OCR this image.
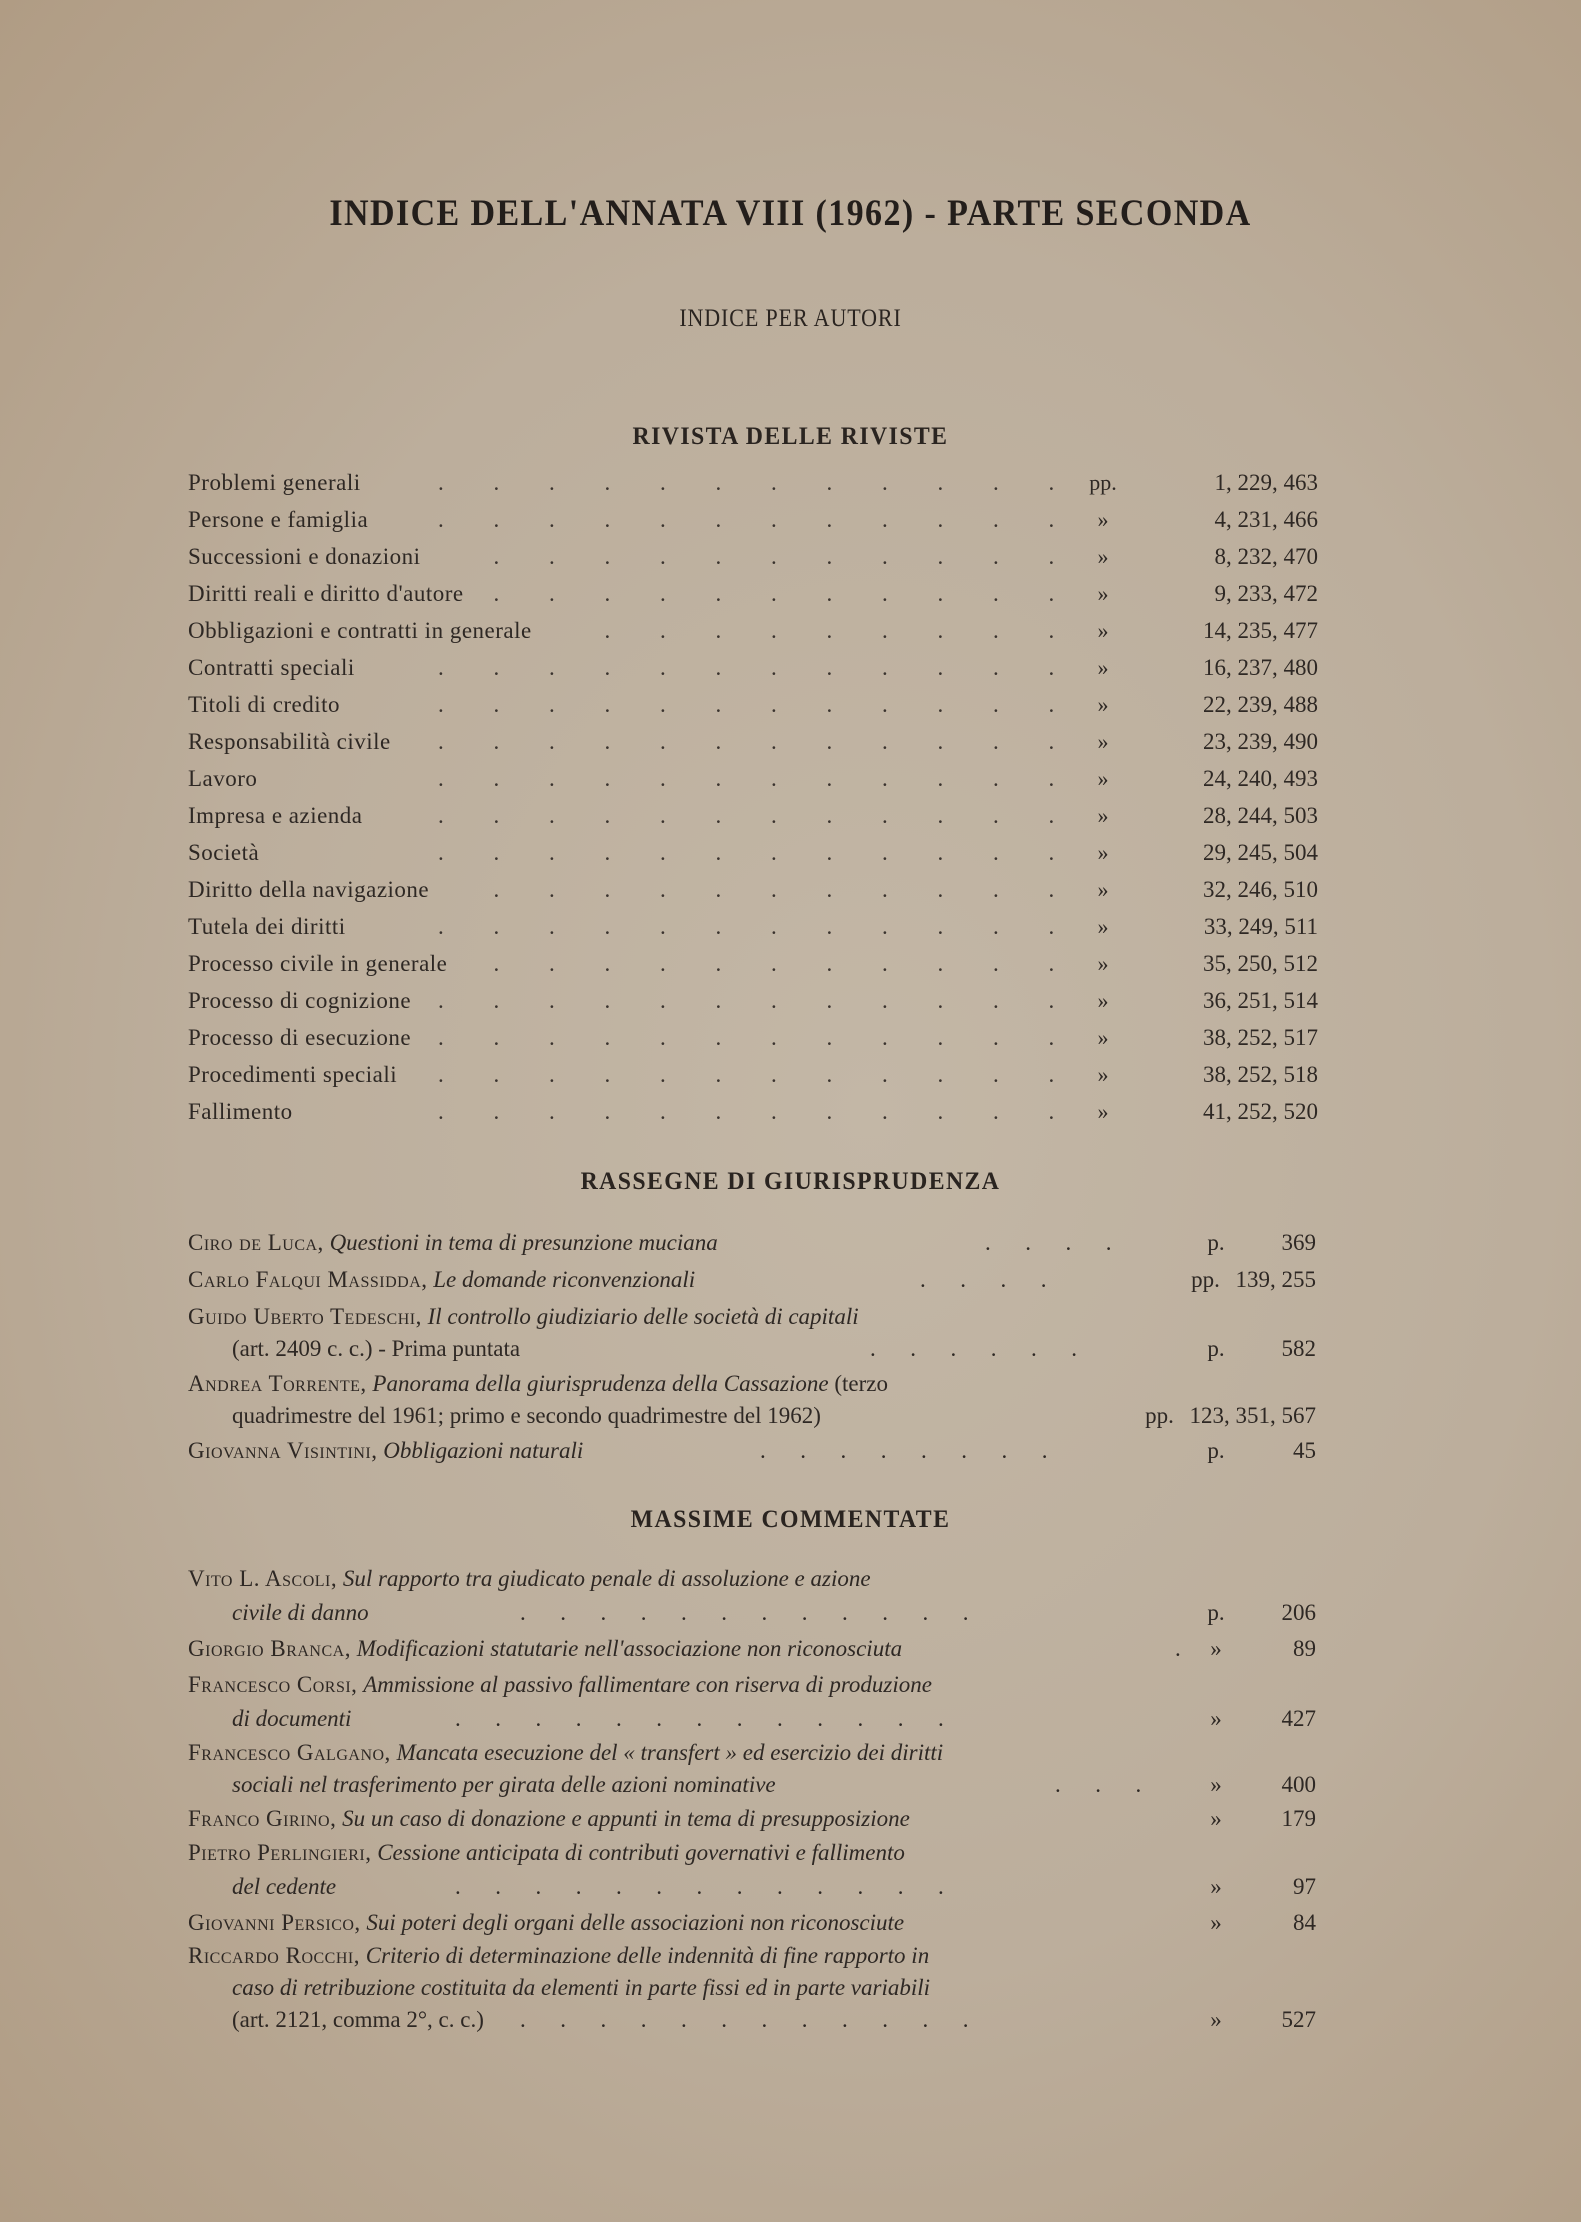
INDICE DELL'ANNATA VIII (1962) - PARTE SECONDA
INDICE PER AUTORI
RIVISTA DELLE RIVISTE
Problemi generali	. . . . . . . . . . . .	pp.	1, 229, 463
Persone e famiglia	. . . . . . . . . . . .	»	4, 231, 466
Successioni e donazioni	. . . . . . . . . . .	»	8, 232, 470
Diritti reali e diritto d'autore . . . . . . . . . . .	»	9, 233, 472
Obbligazioni e contratti in generale	. . . . . . . . .	»	14, 235, 477
Contratti speciali	. . . . . . . . . . . .	»	16, 237, 480
Titoli di credito	. . . . . . . . . . . .	»	22, 239, 488
Responsabilità civile . . . . . . . . . . . .	»	23, 239, 490
Lavoro	. . . . . . . . . . . .	»	24, 240, 493
Impresa e azienda	. . . . . . . . . . . .	»	28, 244, 503
Società	. . . . . . . . . . . .	»	29, 245, 504
Diritto della navigazione	. . . . . . . . . . .	»	32, 246, 510
Tutela dei diritti	. . . . . . . . . . . .	»	33, 249, 511
Processo civile in generale . . . . . . . . . . .	»	35, 250, 512
Processo di cognizione . . . . . . . . . . . .	»	36, 251, 514
Processo di esecuzione . . . . . . . . . . . .	»	38, 252, 517
Procedimenti speciali . . . . . . . . . . . .	»	38, 252, 518
Fallimento	. . . . . . . . . . . .	»	41, 252, 520
RASSEGNE DI GIURISPRUDENZA
Ciro de Luca, Questioni in tema di presunzione muciana	.      .      .      .	p. 369
Carlo Falqui Massidda, Le domande riconvenzionali	.      .      .      .	pp. 139, 255
Guido Uberto Tedeschi, Il controllo giudiziario delle società di capitali
(art. 2409 c. c.) - Prima puntata	.      .      .      .      .      .	p. 582
Andrea Torrente, Panorama della giurisprudenza della Cassazione (terzo
quadrimestre del 1961; primo e secondo quadrimestre del 1962)	pp. 123, 351, 567
Giovanna Visintini, Obbligazioni naturali	.      .      .      .      .      .      .      .	p.	45
MASSIME COMMENTATE
Vito L. Ascoli, Sul rapporto tra giudicato penale di assoluzione e azione
civile di danno	.      .      .      .      .      .      .      .      .      .      .      .	p. 206
Giorgio Branca, Modificazioni statutarie nell'associazione non riconosciuta	.	»	89
Francesco Corsi, Ammissione al passivo fallimentare con riserva di produzione
di documenti	.      .      .      .      .      .      .      .      .      .      .      .      .	»	427
Francesco Galgano, Mancata esecuzione del « transfert » ed esercizio dei diritti
sociali nel trasferimento per girata delle azioni nominative	.      .      .	»	400
Franco Girino, Su un caso di donazione e appunti in tema di presupposizione	»	179
Pietro Perlingieri, Cessione anticipata di contributi governativi e fallimento
del cedente	.      .      .      .      .      .      .      .      .      .      .      .      .	»	97
Giovanni Persico, Sui poteri degli organi delle associazioni non riconosciute	»	84
Riccardo Rocchi, Criterio di determinazione delle indennità di fine rapporto in
caso di retribuzione costituita da elementi in parte fissi ed in parte variabili
(art. 2121, comma 2°, c. c.) .      .      .      .      .      .      .      .      .      .      .      .	»	527
